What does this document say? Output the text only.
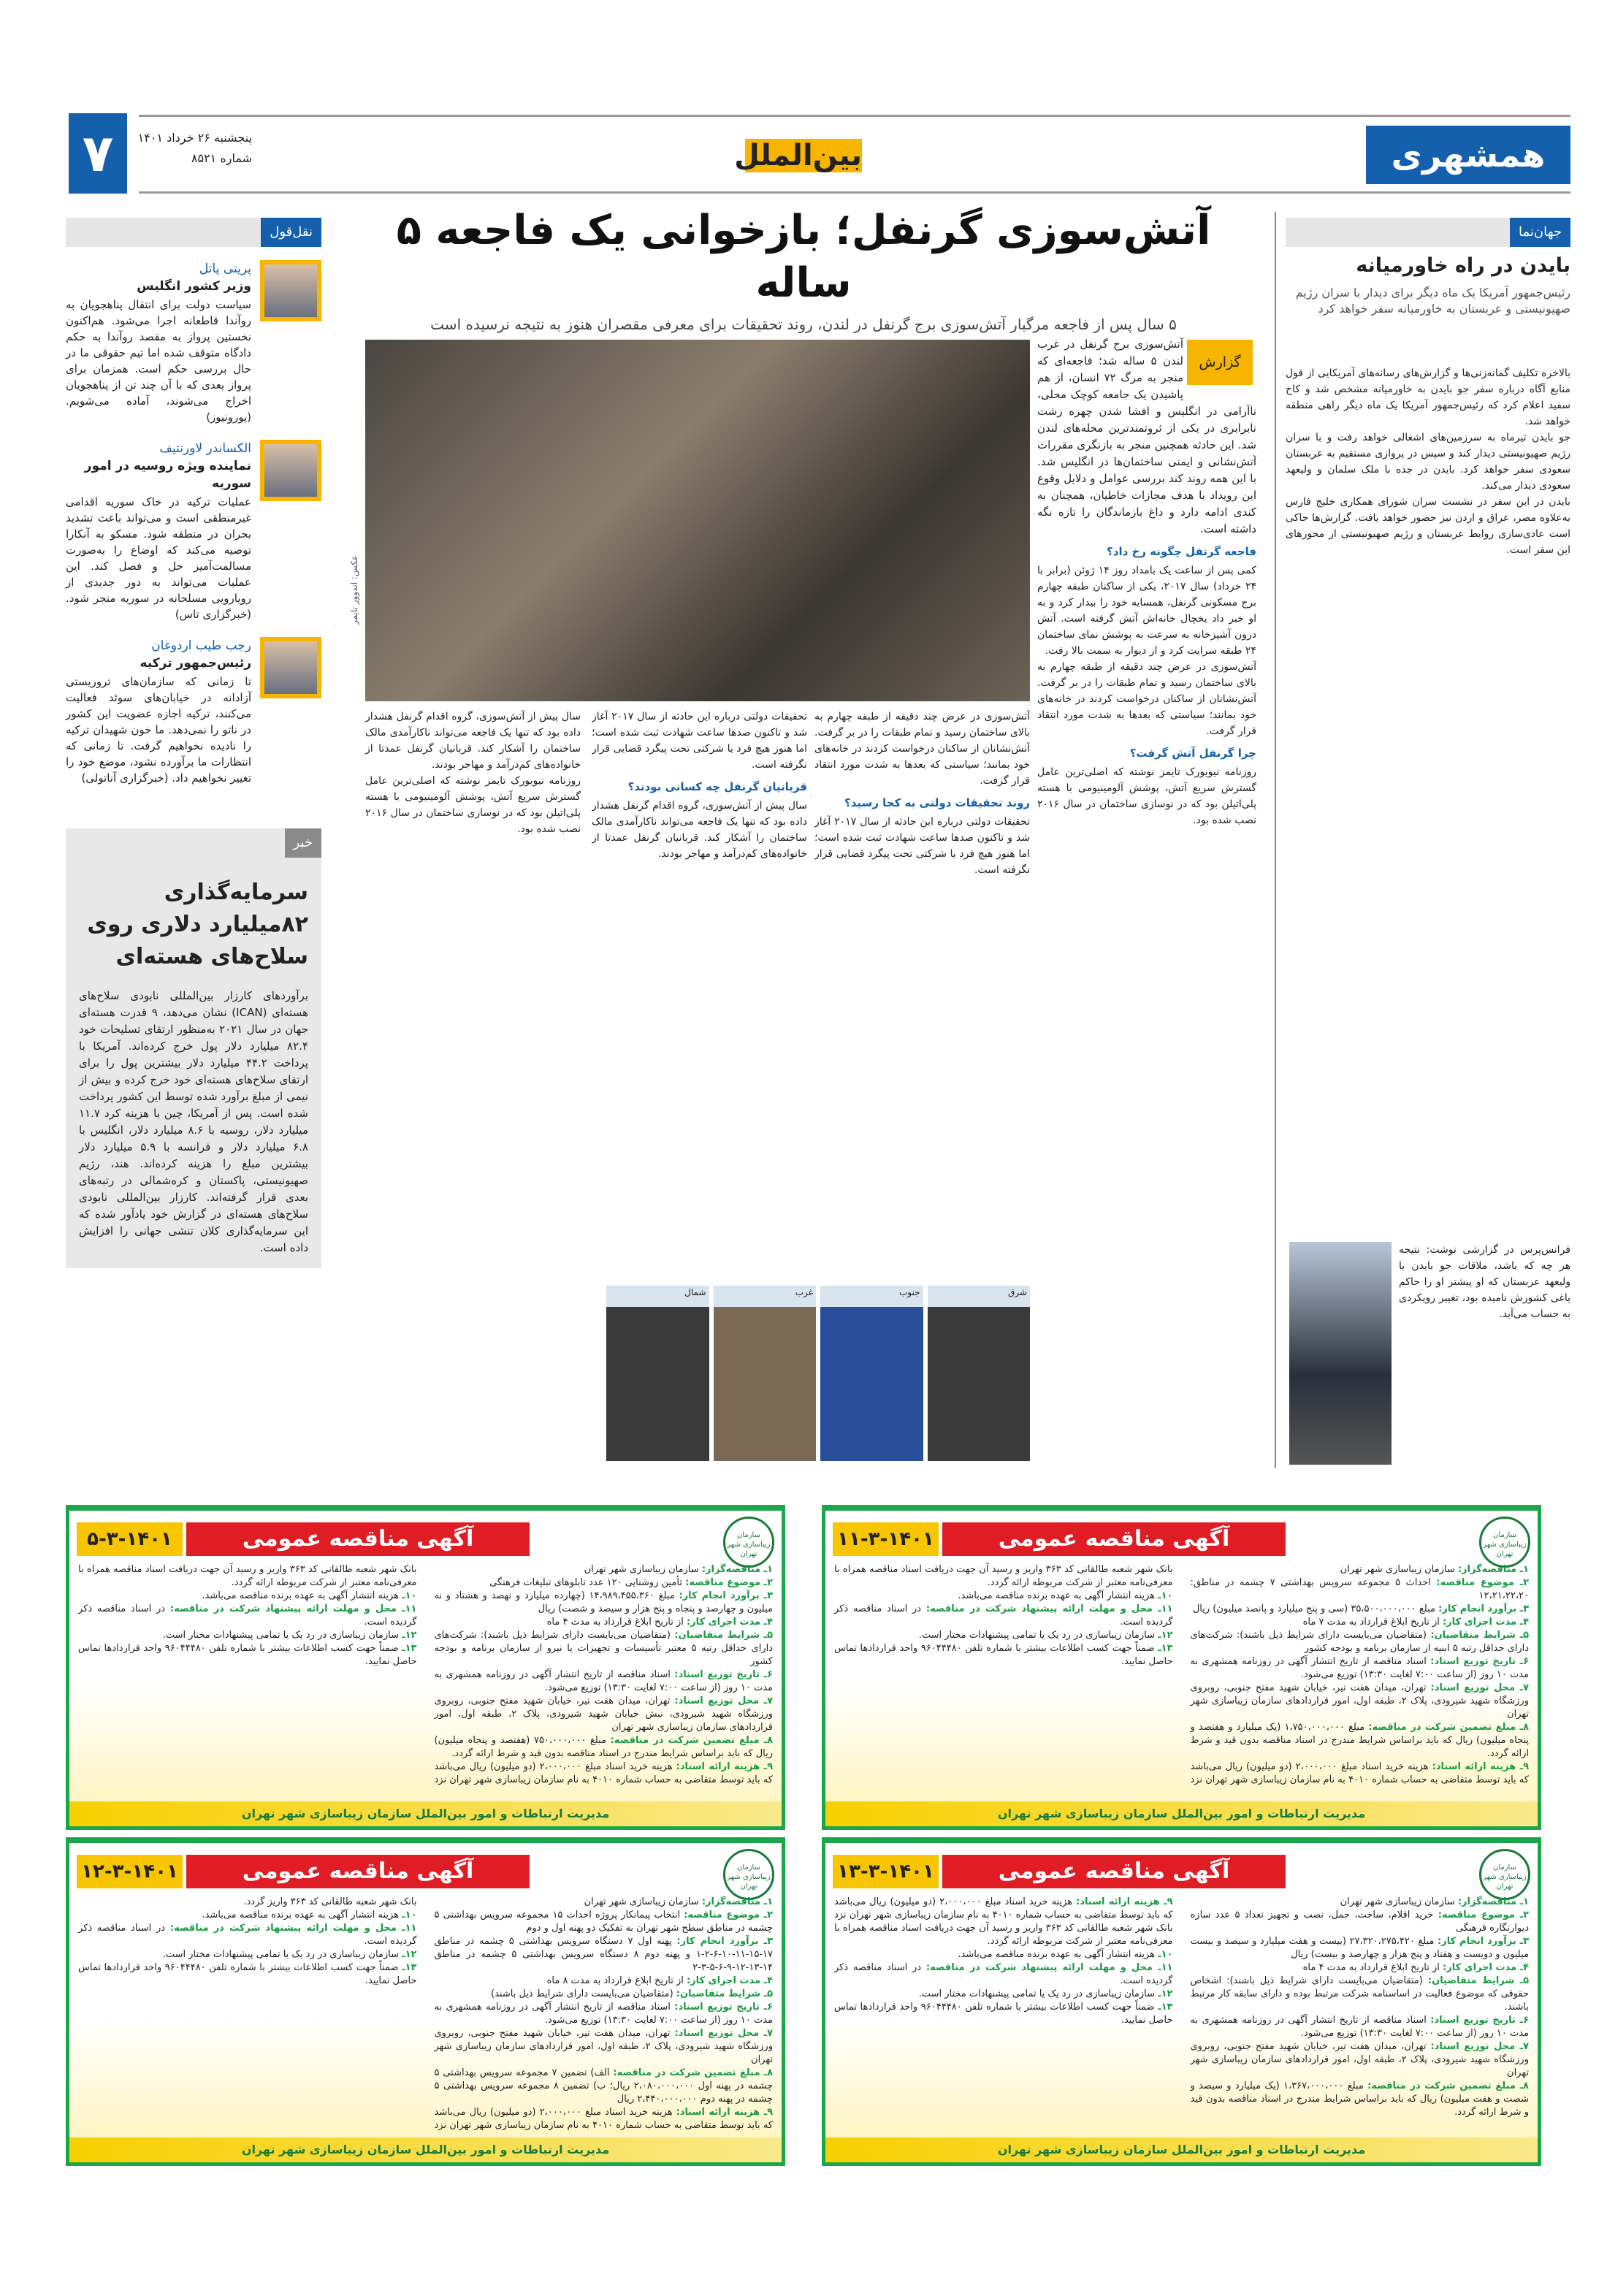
همشهری
۷	پنجشنبه ۲۶ خرداد ۱۴۰۱
شماره ۸۵۲۱	بین‌الملل
آتش‌سوزی گرنفل؛ بازخوانی یک فاجعه ۵ ساله
۵ سال پس از فاجعه مرگبار آتش‌سوزی برج گرنفل در لندن، روند تحقیقات برای معرفی مقصران هنوز به نتیجه نرسیده است
نقل‌قول
پریتی پاتل
وزیر کشور انگلیس
سیاست دولت برای انتقال پناهجویان به روآندا قاطعانه اجرا می‌شود. هم‌اکنون نخستین پرواز به مقصد روآندا به حکم دادگاه متوقف شده اما تیم حقوقی ما در حال بررسی حکم است. همزمان برای پرواز بعدی که با آن چند تن از پناهجویان اخراج می‌شوند، آماده می‌شویم. (یورونیوز)
الکساندر لاورنتیف
نماینده ویژه روسیه در امور سوریه
عملیات ترکیه در خاک سوریه اقدامی غیرمنطقی است و می‌تواند باعث تشدید بحران در منطقه شود. مسکو به آنکارا توصیه می‌کند که اوضاع را به‌صورت مسالمت‌آمیز حل و فصل کند. این عملیات می‌تواند به دور جدیدی از رویارویی مسلحانه در سوریه منجر شود. (خبرگزاری تاس)
رجب طیب اردوغان
رئیس‌جمهور ترکیه
تا زمانی که سازمان‌های تروریستی آزادانه در خیابان‌های سوئد فعالیت می‌کنند، ترکیه اجازه عضویت این کشور در ناتو را نمی‌دهد. ما خون شهیدان ترکیه را نادیده نخواهیم گرفت. تا زمانی که انتظارات ما برآورده نشود، موضع خود را تغییر نخواهیم داد. (خبرگزاری آناتولی)
خبر
سرمایه‌گذاری ۸۲میلیارد دلاری روی سلاح‌های هسته‌ای

برآوردهای کارزار بین‌المللی نابودی سلاح‌های هسته‌ای (ICAN) نشان می‌دهد، ۹ قدرت هسته‌ای جهان در سال ۲۰۲۱ به‌منظور ارتقای تسلیحات خود ۸۲.۴ میلیارد دلار پول خرج کرده‌اند. آمریکا با پرداخت ۴۴.۲ میلیارد دلار بیشترین پول را برای ارتقای سلاح‌های هسته‌ای خود خرج کرده و بیش از نیمی از مبلغ برآورد شده توسط این کشور پرداخت شده است. پس از آمریکا، چین با هزینه کرد ۱۱.۷ میلیارد دلار، روسیه با ۸.۶ میلیارد دلار، انگلیس با ۶.۸ میلیارد دلار و فرانسه با ۵.۹ میلیارد دلار بیشترین مبلغ را هزینه کرده‌اند. هند، رژیم صهیونیستی، پاکستان و کره‌شمالی در رتبه‌های بعدی قرار گرفته‌اند. کارزار بین‌المللی نابودی سلاح‌های هسته‌ای در گزارش خود یادآور شده که این سرمایه‌گذاری کلان تنشی جهانی را افزایش داده است.

عکس: اندوور تایمز
گزارش

آتش‌سوزی برج گرنفل در غرب لندن ۵ ساله شد؛ فاجعه‌ای که منجر به مرگ ۷۲ انسان، از هم پاشیدن یک جامعه کوچک محلی، ناآرامی در انگلیس و افشا شدن چهره زشت نابرابری در یکی از ثروتمندترین محله‌های لندن شد. این حادثه همچنین منجر به بازنگری مقررات آتش‌نشانی و ایمنی ساختمان‌ها در انگلیس شد. با این همه روند کند بررسی عوامل و دلایل وقوع این رویداد با هدف مجازات خاطیان، همچنان به کندی ادامه دارد و داغ بازماندگان را تازه نگه داشته است.

فاجعه گرنفل چگونه رخ داد؟

کمی پس از ساعت یک بامداد روز ۱۴ ژوئن (برابر با ۲۴ خرداد) سال ۲۰۱۷، یکی از ساکنان طبقه چهارم برج مسکونی گرنفل، همسایه خود را بیدار کرد و به او خبر داد یخچال خانه‌اش آتش گرفته است. آتش درون آشپزخانه به سرعت به پوشش نمای ساختمان ۲۴ طبقه سرایت کرد و از دیوار به سمت بالا رفت.

آتش‌سوزی در عرض چند دقیقه از طبقه چهارم به بالای ساختمان رسید و تمام طبقات را در بر گرفت. آتش‌نشانان از ساکنان درخواست کردند در خانه‌های خود بمانند؛ سیاستی که بعدها به شدت مورد انتقاد قرار گرفت.

چرا گرنفل آتش گرفت؟

روزنامه نیویورک تایمز نوشته که اصلی‌ترین عامل گسترش سریع آتش، پوشش آلومینیومی با هسته پلی‌اتیلن بود که در نوسازی ساختمان در سال ۲۰۱۶ نصب شده بود.

آتش‌سوزی در عرض چند دقیقه از طبقه چهارم به بالای ساختمان رسید و تمام طبقات را در بر گرفت. آتش‌نشانان از ساکنان درخواست کردند در خانه‌های خود بمانند؛ سیاستی که بعدها به شدت مورد انتقاد قرار گرفت.

روند تحقیقات دولتی به کجا رسید؟

تحقیقات دولتی درباره این حادثه از سال ۲۰۱۷ آغاز شد و تاکنون صدها ساعت شهادت ثبت شده است؛ اما هنوز هیچ فرد یا شرکتی تحت پیگرد قضایی قرار نگرفته است.

تحقیقات دولتی درباره این حادثه از سال ۲۰۱۷ آغاز شد و تاکنون صدها ساعت شهادت ثبت شده است؛ اما هنوز هیچ فرد یا شرکتی تحت پیگرد قضایی قرار نگرفته است.

قربانیان گرنفل چه کسانی بودند؟

سال پیش از آتش‌سوزی، گروه اقدام گرنفل هشدار داده بود که تنها یک فاجعه می‌تواند ناکارآمدی مالک ساختمان را آشکار کند. قربانیان گرنفل عمدتا از خانواده‌های کم‌درآمد و مهاجر بودند.

سال پیش از آتش‌سوزی، گروه اقدام گرنفل هشدار داده بود که تنها یک فاجعه می‌تواند ناکارآمدی مالک ساختمان را آشکار کند. قربانیان گرنفل عمدتا از خانواده‌های کم‌درآمد و مهاجر بودند.

روزنامه نیویورک تایمز نوشته که اصلی‌ترین عامل گسترش سریع آتش، پوشش آلومینیومی با هسته پلی‌اتیلن بود که در نوسازی ساختمان در سال ۲۰۱۶ نصب شده بود.

شمال	غرب	جنوب	شرق
جهان‌نما
بایدن در راه خاورمیانه
رئیس‌جمهور آمریکا یک ماه دیگر برای دیدار با سران رژیم صهیونیستی و عربستان به خاورمیانه سفر خواهد کرد

بالاخره تکلیف گمانه‌زنی‌ها و گزارش‌های رسانه‌های آمریکایی از قول منابع آگاه درباره سفر جو بایدن به خاورمیانه مشخص شد و کاخ سفید اعلام کرد که رئیس‌جمهور آمریکا یک ماه دیگر راهی منطقه خواهد شد.

جو بایدن تیرماه به سرزمین‌های اشغالی خواهد رفت و با سران رژیم صهیونیستی دیدار کند و سپس در پروازی مستقیم به عربستان سعودی سفر خواهد کرد. بایدن در جده با ملک سلمان و ولیعهد سعودی دیدار می‌کند.

بایدن در این سفر در نشست سران شورای همکاری خلیج فارس به‌علاوه مصر، عراق و اردن نیز حضور خواهد یافت. گزارش‌ها حاکی است عادی‌سازی روابط عربستان و رژیم صهیونیستی از محورهای این سفر است.

فرانس‌پرس در گزارشی نوشت: نتیجه هر چه که باشد، ملاقات جو بایدن با ولیعهد عربستان که او پیشتر او را حاکم یاغی کشورش نامیده بود، تغییر رویکردی به حساب می‌آید.

سازمان زیباسازی شهر تهران
آگهی مناقصه عمومی
۱۱-۳-۱۴۰۱

۱ـ مناقصه‌گزار: سازمان زیباسازی شهر تهران

۲ـ موضوع مناقصه: احداث ۵ مجموعه سرویس بهداشتی ۷ چشمه در مناطق: ۱۲،۲۱،۲۲،۲۰

۳ـ برآورد انجام کار: مبلغ ۳۵،۵۰۰،۰۰۰،۰۰۰ (سی و پنج میلیارد و پانصد میلیون) ریال

۴ـ مدت اجرای کار: از تاریخ ابلاغ قرارداد به مدت ۷ ماه

۵ـ شرایط متقاضیان: (متقاضیان می‌بایست دارای شرایط ذیل باشند): شرکت‌های دارای حداقل رتبه ۵ ابنیه از سازمان برنامه و بودجه کشور

۶ـ تاریخ توزیع اسناد: اسناد مناقصه از تاریخ انتشار آگهی در روزنامه همشهری به مدت ۱۰ روز (از ساعت ۷:۰۰ لغایت ۱۳:۳۰) توزیع می‌شود.

۷ـ محل توزیع اسناد: تهران، میدان هفت تیر، خیابان شهید مفتح جنوبی، روبروی ورزشگاه شهید شیرودی، پلاک ۲، طبقه اول، امور قراردادهای سازمان زیباسازی شهر تهران

۸ـ مبلغ تضمین شرکت در مناقصه: مبلغ ۱،۷۵۰،۰۰۰،۰۰۰ (یک میلیارد و هفتصد و پنجاه میلیون) ریال که باید براساس شرایط مندرج در اسناد مناقصه بدون قید و شرط ارائه گردد.

۹ـ هزینه ارائه اسناد: هزینه خرید اسناد مبلغ ۲،۰۰۰،۰۰۰ (دو میلیون) ریال می‌باشد که باید توسط متقاضی به حساب شماره ۴۰۱۰ به نام سازمان زیباسازی شهر تهران نزد بانک شهر شعبه طالقانی کد ۳۶۳ واریز و رسید آن جهت دریافت اسناد مناقصه همراه با معرفی‌نامه معتبر از شرکت مربوطه ارائه گردد.

۱۰ـ هزینه انتشار آگهی به عهده برنده مناقصه می‌باشد.

۱۱ـ محل و مهلت ارائه پیشنهاد شرکت در مناقصه: در اسناد مناقصه ذکر گردیده است.

۱۲ـ سازمان زیباسازی در رد یک یا تمامی پیشنهادات مختار است.

۱۳ـ ضمناً جهت کسب اطلاعات بیشتر با شماره تلفن ۹۶۰۴۴۴۸۰ واحد قراردادها تماس حاصل نمایید.

مدیریت ارتباطات و امور بین‌الملل سازمان زیباسازی شهر تهران
سازمان زیباسازی شهر تهران
آگهی مناقصه عمومی
۵-۳-۱۴۰۱

۱ـ مناقصه‌گزار: سازمان زیباسازی شهر تهران

۲ـ موضوع مناقصه: تأمین روشنایی ۱۲۰ عدد تابلوهای تبلیغات فرهنگی

۳ـ برآورد انجام کار: مبلغ ۱۴،۹۸۹،۴۵۵،۳۶۰ (چهارده میلیارد و نهصد و هشتاد و نه میلیون و چهارصد و پنجاه و پنج هزار و سیصد و شصت) ریال

۴ـ مدت اجرای کار: از تاریخ ابلاغ قرارداد به مدت ۴ ماه

۵ـ شرایط متقاضیان: (متقاضیان می‌بایست دارای شرایط ذیل باشند): شرکت‌های دارای حداقل رتبه ۵ معتبر تأسیسات و تجهیزات یا نیرو از سازمان برنامه و بودجه کشور

۶ـ تاریخ توزیع اسناد: اسناد مناقصه از تاریخ انتشار آگهی در روزنامه همشهری به مدت ۱۰ روز (از ساعت ۷:۰۰ لغایت ۱۳:۳۰) توزیع می‌شود.

۷ـ محل توزیع اسناد: تهران، میدان هفت تیر، خیابان شهید مفتح جنوبی، روبروی ورزشگاه شهید شیرودی، نبش خیابان شهید شیرودی، پلاک ۲، طبقه اول، امور قراردادهای سازمان زیباسازی شهر تهران

۸ـ مبلغ تضمین شرکت در مناقصه: مبلغ ۷۵۰،۰۰۰،۰۰۰ (هفتصد و پنجاه میلیون) ریال که باید براساس شرایط مندرج در اسناد مناقصه بدون قید و شرط ارائه گردد.

۹ـ هزینه ارائه اسناد: هزینه خرید اسناد مبلغ ۲،۰۰۰،۰۰۰ (دو میلیون) ریال می‌باشد که باید توسط متقاضی به حساب شماره ۴۰۱۰ به نام سازمان زیباسازی شهر تهران نزد بانک شهر شعبه طالقانی کد ۳۶۳ واریز و رسید آن جهت دریافت اسناد مناقصه همراه با معرفی‌نامه معتبر از شرکت مربوطه ارائه گردد.

۱۰ـ هزینه انتشار آگهی به عهده برنده مناقصه می‌باشد.

۱۱ـ محل و مهلت ارائه پیشنهاد شرکت در مناقصه: در اسناد مناقصه ذکر گردیده است.

۱۲ـ سازمان زیباسازی در رد یک یا تمامی پیشنهادات مختار است.

۱۳ـ ضمناً جهت کسب اطلاعات بیشتر با شماره تلفن ۹۶۰۴۴۴۸۰ واحد قراردادها تماس حاصل نمایید.

مدیریت ارتباطات و امور بین‌الملل سازمان زیباسازی شهر تهران
سازمان زیباسازی شهر تهران
آگهی مناقصه عمومی
۱۳-۳-۱۴۰۱

۱ـ مناقصه‌گزار: سازمان زیباسازی شهر تهران

۲ـ موضوع مناقصه: خرید اقلام، ساخت، حمل، نصب و تجهیز تعداد ۵ عدد سازه دیوارنگاره فرهنگی

۳ـ برآورد انجام کار: مبلغ ۲۷،۳۲۰،۲۷۵،۴۲۰ (بیست و هفت میلیارد و سیصد و بیست میلیون و دویست و هفتاد و پنج هزار و چهارصد و بیست) ریال

۴ـ مدت اجرای کار: از تاریخ ابلاغ قرارداد به مدت ۴ ماه

۵ـ شرایط متقاضیان: (متقاضیان می‌بایست دارای شرایط ذیل باشند): اشخاص حقوقی که موضوع فعالیت در اساسنامه شرکت مرتبط بوده و دارای سابقه کار مرتبط باشند.

۶ـ تاریخ توزیع اسناد: اسناد مناقصه از تاریخ انتشار آگهی در روزنامه همشهری به مدت ۱۰ روز (از ساعت ۷:۰۰ لغایت ۱۳:۳۰) توزیع می‌شود.

۷ـ محل توزیع اسناد: تهران، میدان هفت تیر، خیابان شهید مفتح جنوبی، روبروی ورزشگاه شهید شیرودی، پلاک ۲، طبقه اول، امور قراردادهای سازمان زیباسازی شهر تهران

۸ـ مبلغ تضمین شرکت در مناقصه: مبلغ ۱،۳۶۷،۰۰۰،۰۰۰ (یک میلیارد و سیصد و شصت و هفت میلیون) ریال که باید براساس شرایط مندرج در اسناد مناقصه بدون قید و شرط ارائه گردد.

۹ـ هزینه ارائه اسناد: هزینه خرید اسناد مبلغ ۲،۰۰۰،۰۰۰ (دو میلیون) ریال می‌باشد که باید توسط متقاضی به حساب شماره ۴۰۱۰ به نام سازمان زیباسازی شهر تهران نزد بانک شهر شعبه طالقانی کد ۳۶۳ واریز و رسید آن جهت دریافت اسناد مناقصه همراه با معرفی‌نامه معتبر از شرکت مربوطه ارائه گردد.

۱۰ـ هزینه انتشار آگهی به عهده برنده مناقصه می‌باشد.

۱۱ـ محل و مهلت ارائه پیشنهاد شرکت در مناقصه: در اسناد مناقصه ذکر گردیده است.

۱۲ـ سازمان زیباسازی در رد یک یا تمامی پیشنهادات مختار است.

۱۳ـ ضمناً جهت کسب اطلاعات بیشتر با شماره تلفن ۹۶۰۴۴۴۸۰ واحد قراردادها تماس حاصل نمایید.

مدیریت ارتباطات و امور بین‌الملل سازمان زیباسازی شهر تهران
سازمان زیباسازی شهر تهران
آگهی مناقصه عمومی
۱۲-۳-۱۴۰۱

۱ـ مناقصه‌گزار: سازمان زیباسازی شهر تهران

۲ـ موضوع مناقصه: انتخاب پیمانکار پروژه احداث ۱۵ مجموعه سرویس بهداشتی ۵ چشمه در مناطق سطح شهر تهران به تفکیک دو پهنه اول و دوم

۳ـ برآورد انجام کار: پهنه اول ۷ دستگاه سرویس بهداشتی ۵ چشمه در مناطق ۱۷-۱۵-۱۱-۱۰-۶-۲-۱ و پهنه دوم ۸ دستگاه سرویس بهداشتی ۵ چشمه در مناطق ۱۴-۱۳-۱۲-۹-۶-۵-۳-۲

۴ـ مدت اجرای کار: از تاریخ ابلاغ قرارداد به مدت ۸ ماه

۵ـ شرایط متقاضیان: (متقاضیان می‌بایست دارای شرایط ذیل باشند)

۶ـ تاریخ توزیع اسناد: اسناد مناقصه از تاریخ انتشار آگهی در روزنامه همشهری به مدت ۱۰ روز (از ساعت ۷:۰۰ لغایت ۱۳:۳۰) توزیع می‌شود.

۷ـ محل توزیع اسناد: تهران، میدان هفت تیر، خیابان شهید مفتح جنوبی، روبروی ورزشگاه شهید شیرودی، پلاک ۲، طبقه اول، امور قراردادهای سازمان زیباسازی شهر تهران

۸ـ مبلغ تضمین شرکت در مناقصه: الف) تضمین ۷ مجموعه سرویس بهداشتی ۵ چشمه در پهنه اول ۲،۰۸۰،۰۰۰،۰۰۰ ریال؛ ب) تضمین ۸ مجموعه سرویس بهداشتی ۵ چشمه در پهنه دوم ۲،۴۴۰،۰۰۰،۰۰۰ ریال

۹ـ هزینه ارائه اسناد: هزینه خرید اسناد مبلغ ۲،۰۰۰،۰۰۰ (دو میلیون) ریال می‌باشد که باید توسط متقاضی به حساب شماره ۴۰۱۰ به نام سازمان زیباسازی شهر تهران نزد بانک شهر شعبه طالقانی کد ۳۶۳ واریز گردد.

۱۰ـ هزینه انتشار آگهی به عهده برنده مناقصه می‌باشد.

۱۱ـ محل و مهلت ارائه پیشنهاد شرکت در مناقصه: در اسناد مناقصه ذکر گردیده است.

۱۲ـ سازمان زیباسازی در رد یک یا تمامی پیشنهادات مختار است.

۱۳ـ ضمناً جهت کسب اطلاعات بیشتر با شماره تلفن ۹۶۰۴۴۴۸۰ واحد قراردادها تماس حاصل نمایید.

مدیریت ارتباطات و امور بین‌الملل سازمان زیباسازی شهر تهران
